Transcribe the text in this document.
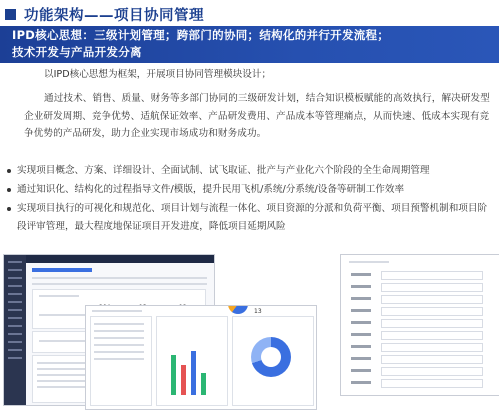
功能架构——项目协同管理
IPD核心思想：三级计划管理；跨部门的协同；结构化的并行开发流程；
技术开发与产品开发分离
以IPD核心思想为框架，开展项目协同管理模块设计；
通过技术、销售、质量、财务等多部门协同的三级研发计划，结合知识模板赋能的高效执行，解决研发型企业研发周期、竞争优势、适航保证效率、产品研发费用、产品成本等管理痛点，从而快速、低成本实现有竞争优势的产品研发，助力企业实现市场成功和财务成功。
实现项目概念、方案、详细设计、全面试制、试飞取证、批产与产业化六个阶段的全生命周期管理
通过知识化、结构化的过程指导文件/模版，提升民用飞机/系统/分系统/设备等研制工作效率
实现项目执行的可视化和规范化、项目计划与流程一体化、项目资源的分派和负荷平衡、项目预警机制和项目阶段评审管理，最大程度地保证项目开发进度，降低项目延期风险
13
